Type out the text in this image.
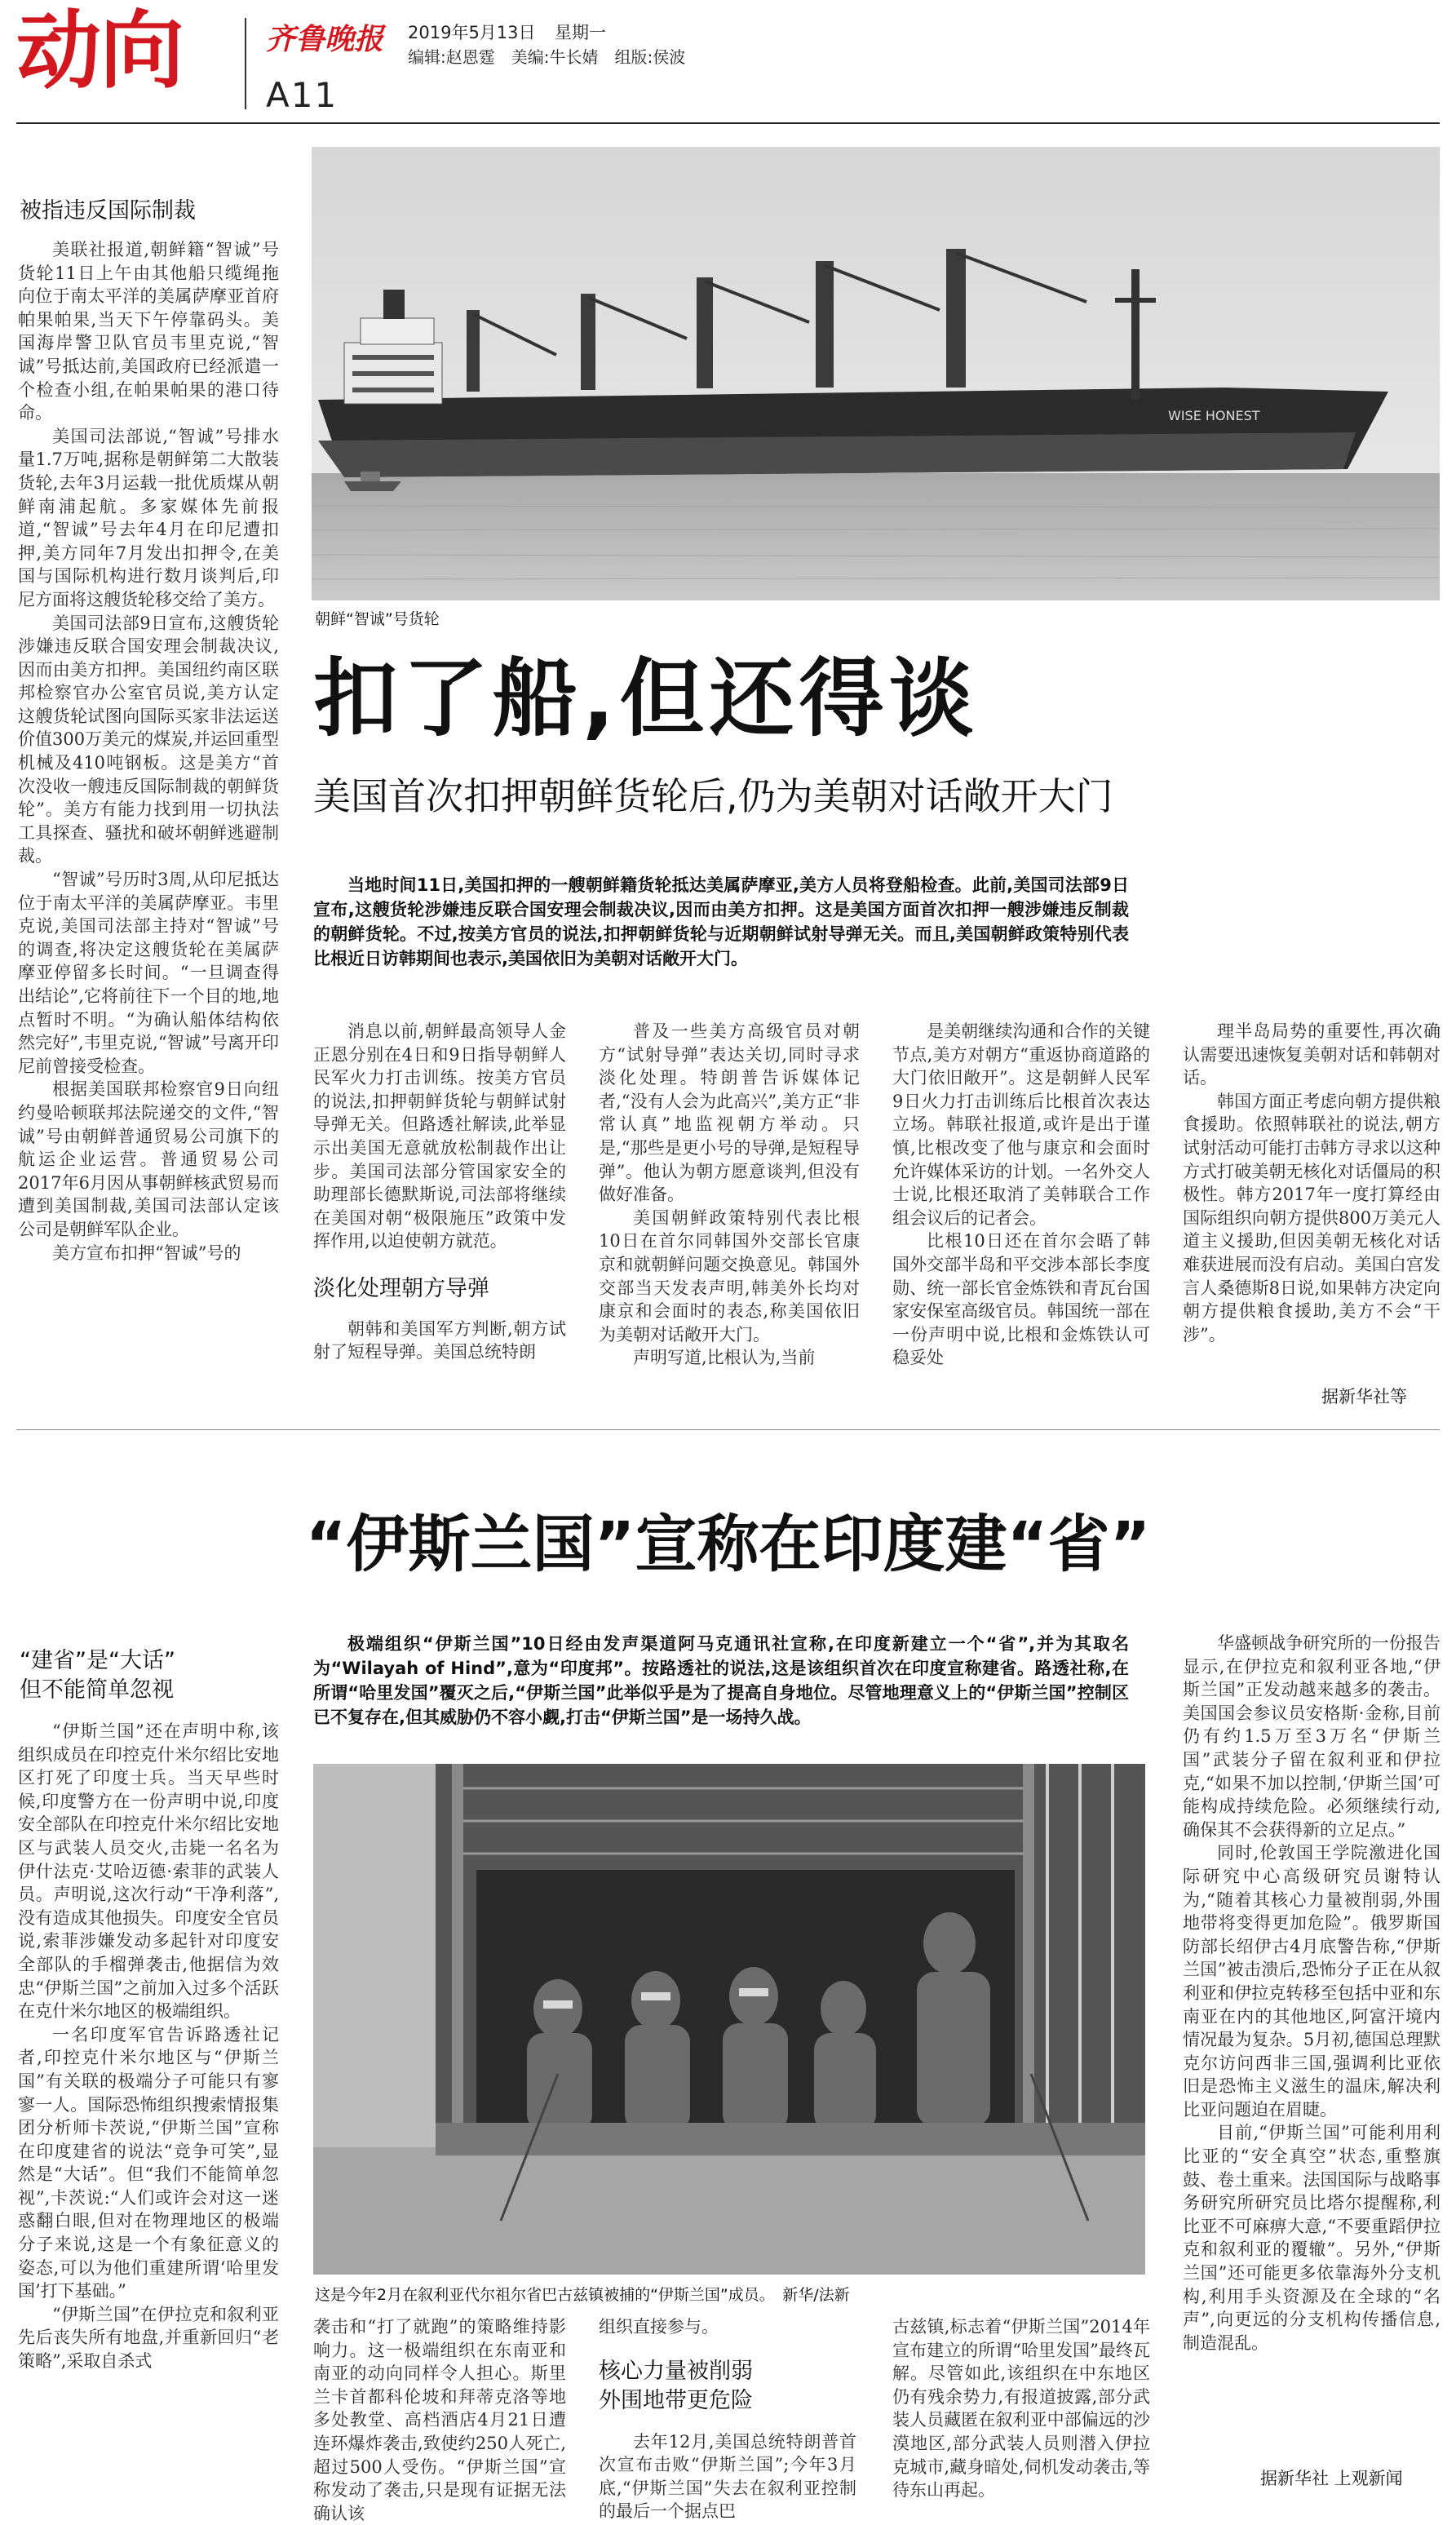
动向	齐鲁晚报 2019年5月13日 星期一
编辑:赵恩霆　美编:牛长婧　组版:侯波
A11
被指违反国际制裁
WISE HONEST
朝鲜“智诚”号货轮

美联社报道,朝鲜籍“智诚”号货轮11日上午由其他船只缆绳拖向位于南太平洋的美属萨摩亚首府帕果帕果,当天下午停靠码头。美国海岸警卫队官员韦里克说,“智诚”号抵达前,美国政府已经派遣一个检查小组,在帕果帕果的港口待命。

美国司法部说,“智诚”号排水量1.7万吨,据称是朝鲜第二大散装货轮,去年3月运载一批优质煤从朝鲜南浦起航。多家媒体先前报道,“智诚”号去年4月在印尼遭扣押,美方同年7月发出扣押令,在美国与国际机构进行数月谈判后,印尼方面将这艘货轮移交给了美方。

美国司法部9日宣布,这艘货轮涉嫌违反联合国安理会制裁决议,因而由美方扣押。美国纽约南区联邦检察官办公室官员说,美方认定这艘货轮试图向国际买家非法运送价值300万美元的煤炭,并运回重型机械及410吨钢板。这是美方“首次没收一艘违反国际制裁的朝鲜货轮”。美方有能力找到用一切执法工具探查、骚扰和破坏朝鲜逃避制裁。

“智诚”号历时3周,从印尼抵达位于南太平洋的美属萨摩亚。韦里克说,美国司法部主持对“智诚”号的调查,将决定这艘货轮在美属萨摩亚停留多长时间。“一旦调查得出结论”,它将前往下一个目的地,地点暂时不明。“为确认船体结构依然完好”,韦里克说,“智诚”号离开印尼前曾接受检查。

根据美国联邦检察官9日向纽约曼哈顿联邦法院递交的文件,“智诚”号由朝鲜普通贸易公司旗下的航运企业运营。普通贸易公司2017年6月因从事朝鲜核武贸易而遭到美国制裁,美国司法部认定该公司是朝鲜军队企业。

美方宣布扣押“智诚”号的

扣了船,但还得谈
美国首次扣押朝鲜货轮后,仍为美朝对话敞开大门
当地时间11日,美国扣押的一艘朝鲜籍货轮抵达美属萨摩亚,美方人员将登船检查。此前,美国司法部9日宣布,这艘货轮涉嫌违反联合国安理会制裁决议,因而由美方扣押。这是美国方面首次扣押一艘涉嫌违反制裁的朝鲜货轮。不过,按美方官员的说法,扣押朝鲜货轮与近期朝鲜试射导弹无关。而且,美国朝鲜政策特别代表比根近日访韩期间也表示,美国依旧为美朝对话敞开大门。

消息以前,朝鲜最高领导人金正恩分别在4日和9日指导朝鲜人民军火力打击训练。按美方官员的说法,扣押朝鲜货轮与朝鲜试射导弹无关。但路透社解读,此举显示出美国无意就放松制裁作出让步。美国司法部分管国家安全的助理部长德默斯说,司法部将继续在美国对朝“极限施压”政策中发挥作用,以迫使朝方就范。

淡化处理朝方导弹

朝韩和美国军方判断,朝方试射了短程导弹。美国总统特朗

普及一些美方高级官员对朝方“试射导弹”表达关切,同时寻求淡化处理。特朗普告诉媒体记者,“没有人会为此高兴”,美方正“非常认真”地监视朝方举动。只是,“那些是更小号的导弹,是短程导弹”。他认为朝方愿意谈判,但没有做好准备。

美国朝鲜政策特别代表比根10日在首尔同韩国外交部长官康京和就朝鲜问题交换意见。韩国外交部当天发表声明,韩美外长均对康京和会面时的表态,称美国依旧为美朝对话敞开大门。

声明写道,比根认为,当前

是美朝继续沟通和合作的关键节点,美方对朝方“重返协商道路的大门依旧敞开”。这是朝鲜人民军9日火力打击训练后比根首次表达立场。韩联社报道,或许是出于谨慎,比根改变了他与康京和会面时允许媒体采访的计划。一名外交人士说,比根还取消了美韩联合工作组会议后的记者会。

比根10日还在首尔会晤了韩国外交部半岛和平交涉本部长李度勋、统一部长官金炼铁和青瓦台国家安保室高级官员。韩国统一部在一份声明中说,比根和金炼铁认可稳妥处

理半岛局势的重要性,再次确认需要迅速恢复美朝对话和韩朝对话。

韩国方面正考虑向朝方提供粮食援助。依照韩联社的说法,朝方试射活动可能打击韩方寻求以这种方式打破美朝无核化对话僵局的积极性。韩方2017年一度打算经由国际组织向朝方提供800万美元人道主义援助,但因美朝无核化对话难获进展而没有启动。美国白宫发言人桑德斯8日说,如果韩方决定向朝方提供粮食援助,美方不会“干涉”。

据新华社等
“伊斯兰国”宣称在印度建“省”
“建省”是“大话”
但不能简单忽视

“伊斯兰国”还在声明中称,该组织成员在印控克什米尔绍比安地区打死了印度士兵。当天早些时候,印度警方在一份声明中说,印度安全部队在印控克什米尔绍比安地区与武装人员交火,击毙一名名为伊什法克·艾哈迈德·索菲的武装人员。声明说,这次行动“干净利落”,没有造成其他损失。印度安全官员说,索菲涉嫌发动多起针对印度安全部队的手榴弹袭击,他据信为效忠“伊斯兰国”之前加入过多个活跃在克什米尔地区的极端组织。

一名印度军官告诉路透社记者,印控克什米尔地区与“伊斯兰国”有关联的极端分子可能只有寥寥一人。国际恐怖组织搜索情报集团分析师卡茨说,“伊斯兰国”宣称在印度建省的说法“竞争可笑”,显然是“大话”。但“我们不能简单忽视”,卡茨说:“人们或许会对这一迷惑翻白眼,但对在物理地区的极端分子来说,这是一个有象征意义的姿态,可以为他们重建所谓‘哈里发国’打下基础。”

“伊斯兰国”在伊拉克和叙利亚先后丧失所有地盘,并重新回归“老策略”,采取自杀式

极端组织“伊斯兰国”10日经由发声渠道阿马克通讯社宣称,在印度新建立一个“省”,并为其取名为“Wilayah of Hind”,意为“印度邦”。按路透社的说法,这是该组织首次在印度宣称建省。路透社称,在所谓“哈里发国”覆灭之后,“伊斯兰国”此举似乎是为了提高自身地位。尽管地理意义上的“伊斯兰国”控制区已不复存在,但其威胁仍不容小觑,打击“伊斯兰国”是一场持久战。
这是今年2月在叙利亚代尔祖尔省巴古兹镇被捕的“伊斯兰国”成员。　新华/法新

袭击和“打了就跑”的策略维持影响力。这一极端组织在东南亚和南亚的动向同样令人担心。斯里兰卡首都科伦坡和拜蒂克洛等地多处教堂、高档酒店4月21日遭连环爆炸袭击,致使约250人死亡,超过500人受伤。“伊斯兰国”宣称发动了袭击,只是现有证据无法确认该

组织直接参与。

核心力量被削弱
外围地带更危险

去年12月,美国总统特朗普首次宣布击败“伊斯兰国”;今年3月底,“伊斯兰国”失去在叙利亚控制的最后一个据点巴

古兹镇,标志着“伊斯兰国”2014年宣布建立的所谓“哈里发国”最终瓦解。尽管如此,该组织在中东地区仍有残余势力,有报道披露,部分武装人员藏匿在叙利亚中部偏远的沙漠地区,部分武装人员则潜入伊拉克城市,藏身暗处,伺机发动袭击,等待东山再起。

华盛顿战争研究所的一份报告显示,在伊拉克和叙利亚各地,“伊斯兰国”正发动越来越多的袭击。美国国会参议员安格斯·金称,目前仍有约1.5万至3万名“伊斯兰国”武装分子留在叙利亚和伊拉克,“如果不加以控制,‘伊斯兰国’可能构成持续危险。必须继续行动,确保其不会获得新的立足点。”

同时,伦敦国王学院激进化国际研究中心高级研究员谢特认为,“随着其核心力量被削弱,外围地带将变得更加危险”。俄罗斯国防部长绍伊古4月底警告称,“伊斯兰国”被击溃后,恐怖分子正在从叙利亚和伊拉克转移至包括中亚和东南亚在内的其他地区,阿富汗境内情况最为复杂。5月初,德国总理默克尔访问西非三国,强调利比亚依旧是恐怖主义滋生的温床,解决利比亚问题迫在眉睫。

目前,“伊斯兰国”可能利用利比亚的“安全真空”状态,重整旗鼓、卷土重来。法国国际与战略事务研究所研究员比塔尔提醒称,利比亚不可麻痹大意,“不要重蹈伊拉克和叙利亚的覆辙”。另外,“伊斯兰国”还可能更多依靠海外分支机构,利用手头资源及在全球的“名声”,向更远的分支机构传播信息,制造混乱。

据新华社 上观新闻
